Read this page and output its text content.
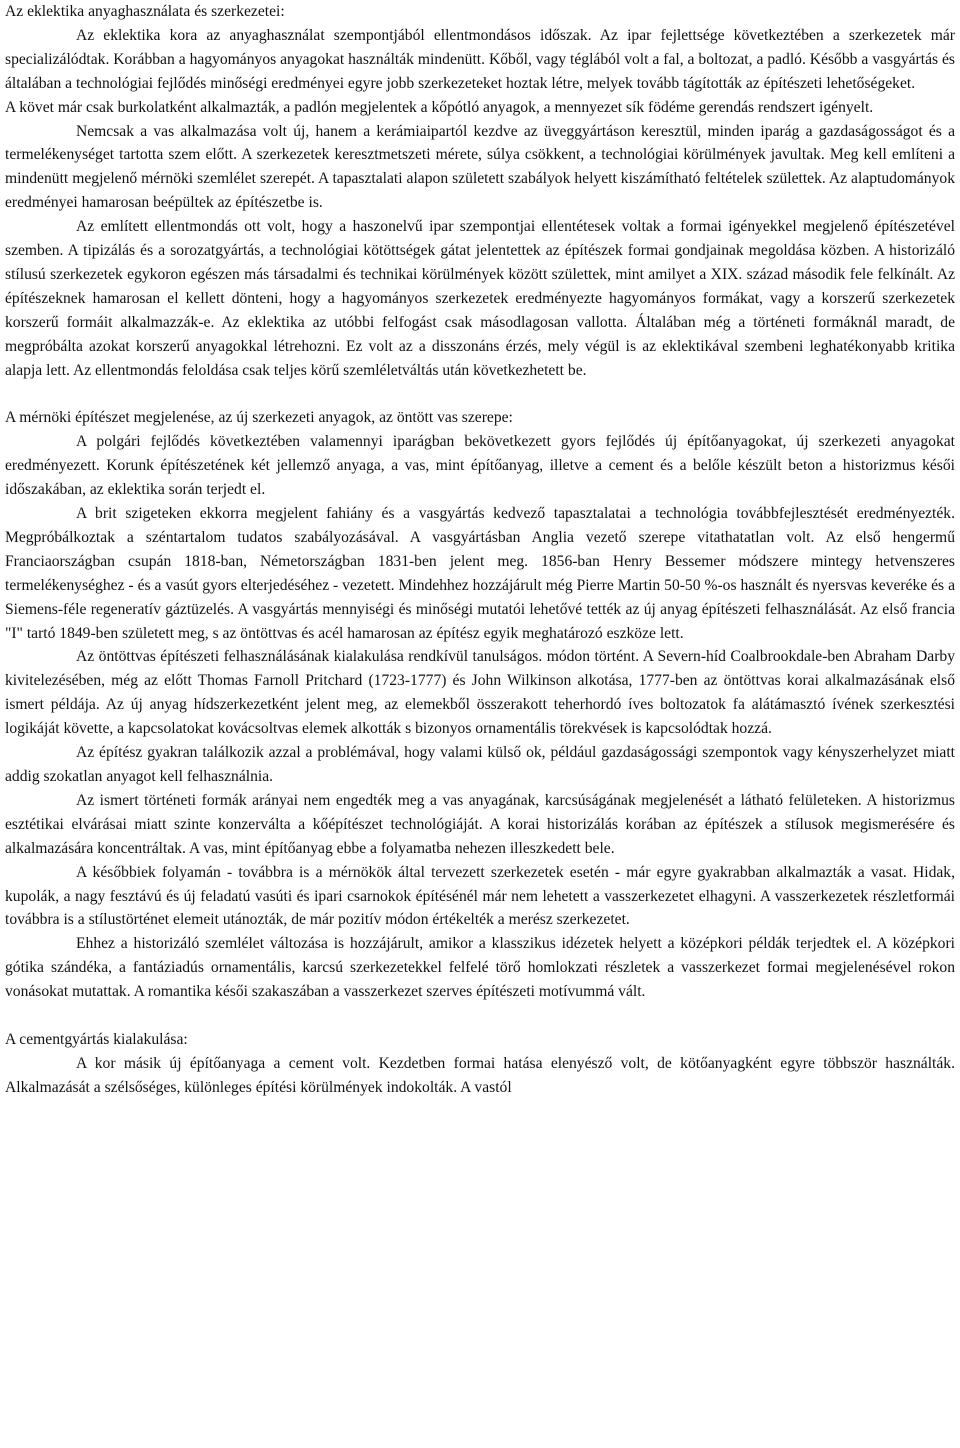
Az eklektika anyaghasználata és szerkezetei:

Az eklektika kora az anyaghasználat szempontjából ellentmondásos időszak. Az ipar fejlettsége következtében a szerkezetek már specializálódtak. Korábban a hagyományos anyagokat használták mindenütt. Kőből, vagy téglából volt a fal, a boltozat, a padló. Később a vasgyártás és általában a technológiai fejlődés minőségi eredményei egyre jobb szerkezeteket hoztak létre, melyek tovább tágították az építészeti lehetőségeket.

A követ már csak burkolatként alkalmazták, a padlón megjelentek a kőpótló anyagok, a mennyezet sík födéme gerendás rendszert igényelt.

Nemcsak a vas alkalmazása volt új, hanem a kerámiaipartól kezdve az üveggyártáson keresztül, minden iparág a gazdaságosságot és a termelékenységet tartotta szem előtt. A szerkezetek keresztmetszeti mérete, súlya csökkent, a technológiai körülmények javultak. Meg kell említeni a mindenütt megjelenő mérnöki szemlélet szerepét. A tapasztalati alapon született szabályok helyett kiszámítható feltételek születtek. Az alaptudományok eredményei hamarosan beépültek az építészetbe is.

Az említett ellentmondás ott volt, hogy a haszonelvű ipar szempontjai ellentétesek voltak a formai igényekkel megjelenő építészetével szemben. A tipizálás és a sorozatgyártás, a technológiai kötöttségek gátat jelentettek az építészek formai gondjainak megoldása közben. A historizáló stílusú szerkezetek egykoron egészen más társadalmi és technikai körülmények között születtek, mint amilyet a XIX. század második fele felkínált. Az építészeknek hamarosan el kellett dönteni, hogy a hagyományos szerkezetek eredményezte hagyományos formákat, vagy a korszerű szerkezetek korszerű formáit alkalmazzák-e. Az eklektika az utóbbi felfogást csak másodlagosan vallotta. Általában még a történeti formáknál maradt, de megpróbálta azokat korszerű anyagokkal létrehozni. Ez volt az a disszonáns érzés, mely végül is az eklektikával szembeni leghatékonyabb kritika alapja lett. Az ellentmondás feloldása csak teljes körű szemléletváltás után következhetett be.

A mérnöki építészet megjelenése, az új szerkezeti anyagok, az öntött vas szerepe:

A polgári fejlődés következtében valamennyi iparágban bekövetkezett gyors fejlődés új építőanyagokat, új szerkezeti anyagokat eredményezett. Korunk építészetének két jellemző anyaga, a vas, mint építőanyag, illetve a cement és a belőle készült beton a historizmus késői időszakában, az eklektika során terjedt el.

A brit szigeteken ekkorra megjelent fahiány és a vasgyártás kedvező tapasztalatai a technológia továbbfejlesztését eredményezték. Megpróbálkoztak a széntartalom tudatos szabályozásával. A vasgyártásban Anglia vezető szerepe vitathatatlan volt. Az első hengermű Franciaországban csupán 1818-ban, Németországban 1831-ben jelent meg. 1856-ban Henry Bessemer módszere mintegy hetvenszeres termelékenységhez - és a vasút gyors elterjedéséhez - vezetett. Mindehhez hozzájárult még Pierre Martin 50-50 %-os használt és nyersvas keveréke és a Siemens-féle regeneratív gáztüzelés. A vasgyártás mennyiségi és minőségi mutatói lehetővé tették az új anyag építészeti felhasználását. Az első francia "I" tartó 1849-ben született meg, s az öntöttvas és acél hamarosan az építész egyik meghatározó eszköze lett.

Az öntöttvas építészeti felhasználásának kialakulása rendkívül tanulságos. módon történt. A Severn-híd Coalbrookdale-ben Abraham Darby kivitelezésében, még az előtt Thomas Farnoll Pritchard (1723-1777) és John Wilkinson alkotása, 1777-ben az öntöttvas korai alkalmazásának első ismert példája. Az új anyag hídszerkezetként jelent meg, az elemekből összerakott teherhordó íves boltozatok fa alátámasztó ívének szerkesztési logikáját követte, a kapcsolatokat kovácsoltvas elemek alkották s bizonyos ornamentális törekvések is kapcsolódtak hozzá.

Az építész gyakran találkozik azzal a problémával, hogy valami külső ok, például gazdaságossági szempontok vagy kényszerhelyzet miatt addig szokatlan anyagot kell felhasználnia.

Az ismert történeti formák arányai nem engedték meg a vas anyagának, karcsúságának megjelenését a látható felületeken. A historizmus esztétikai elvárásai miatt szinte konzerválta a kőépítészet technológiáját. A korai historizálás korában az építészek a stílusok megismerésére és alkalmazására koncentráltak. A vas, mint építőanyag ebbe a folyamatba nehezen illeszkedett bele.

A későbbiek folyamán - továbbra is a mérnökök által tervezett szerkezetek esetén - már egyre gyakrabban alkalmazták a vasat. Hidak, kupolák, a nagy fesztávú és új feladatú vasúti és ipari csarnokok építésénél már nem lehetett a vasszerkezetet elhagyni. A vasszerkezetek részletformái továbbra is a stílustörténet elemeit utánozták, de már pozitív módon értékelték a merész szerkezetet.

Ehhez a historizáló szemlélet változása is hozzájárult, amikor a klasszikus idézetek helyett a középkori példák terjedtek el. A középkori gótika szándéka, a fantáziadús ornamentális, karcsú szerkezetekkel felfelé törő homlokzati részletek a vasszerkezet formai megjelenésével rokon vonásokat mutattak. A romantika késői szakaszában a vasszerkezet szerves építészeti motívummá vált.

A cementgyártás kialakulása:

A kor másik új építőanyaga a cement volt. Kezdetben formai hatása elenyésző volt, de kötőanyagként egyre többször használták. Alkalmazását a szélsőséges, különleges építési körülmények indokolták. A vastól
